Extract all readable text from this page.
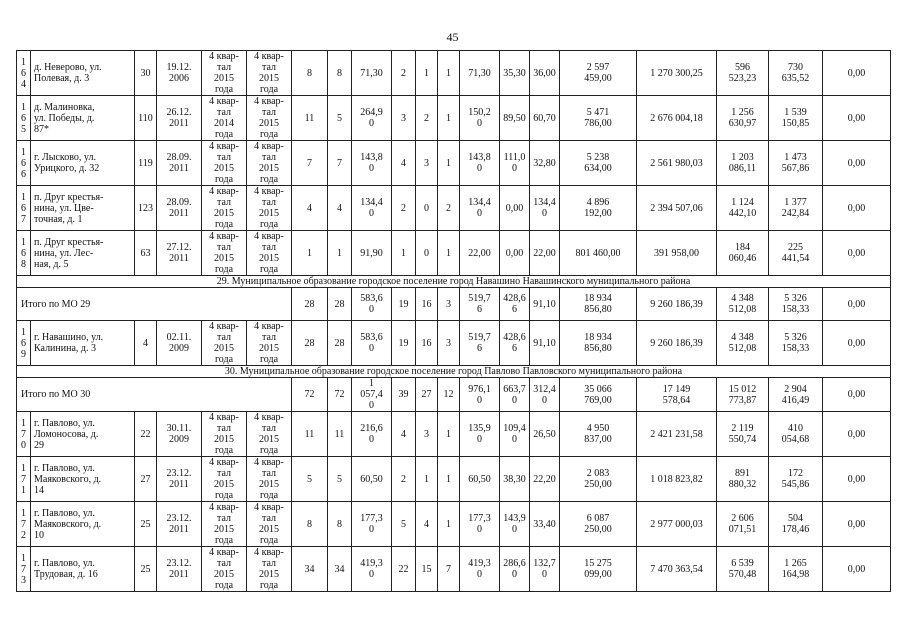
45
1
6
4	д. Неверово, ул.
Полевая, д. 3	30	19.12.
2006	4 квар-
тал
2015
года	4 квар-
тал
2015
года	8	8	71,30	2	1	1	71,30	35,30	36,00	2 597
459,00	1 270 300,25	596
523,23	730
635,52	0,00
1
6
5	д. Малиновка,
ул. Победы, д.
87*	110	26.12.
2011	4 квар-
тал
2014
года	4 квар-
тал
2015
года	11	5	264,9
0	3	2	1	150,2
0	89,50	60,70	5 471
786,00	2 676 004,18	1 256
630,97	1 539
150,85	0,00
1
6
6	г. Лысково, ул.
Урицкого, д. 32	119	28.09.
2011	4 квар-
тал
2015
года	4 квар-
тал
2015
года	7	7	143,8
0	4	3	1	143,8
0	111,0
0	32,80	5 238
634,00	2 561 980,03	1 203
086,11	1 473
567,86	0,00
1
6
7	п. Друг крестья-
нина, ул. Цве-
точная, д. 1	123	28.09.
2011	4 квар-
тал
2015
года	4 квар-
тал
2015
года	4	4	134,4
0	2	0	2	134,4
0	0,00	134,4
0	4 896
192,00	2 394 507,06	1 124
442,10	1 377
242,84	0,00
1
6
8	п. Друг крестья-
нина, ул. Лес-
ная, д. 5	63	27.12.
2011	4 квар-
тал
2015
года	4 квар-
тал
2015
года	1	1	91,90	1	0	1	22,00	0,00	22,00	801 460,00	391 958,00	184
060,46	225
441,54	0,00
29. Муниципальное образование городское поселение город Навашино Навашинского муниципального района																			
Итого по МО 29						28	28	583,6
0	19	16	3	519,7
6	428,6
6	91,10	18 934
856,80	9 260 186,39	4 348
512,08	5 326
158,33	0,00
1
6
9	г. Навашино, ул.
Калинина, д. 3	4	02.11.
2009	4 квар-
тал
2015
года	4 квар-
тал
2015
года	28	28	583,6
0	19	16	3	519,7
6	428,6
6	91,10	18 934
856,80	9 260 186,39	4 348
512,08	5 326
158,33	0,00
30. Муниципальное образование городское поселение город Павлово Павловского муниципального района																			
Итого по МО 30						72	72	1
057,4
0	39	27	12	976,1
0	663,7
0	312,4
0	35 066
769,00	17 149
578,64	15 012
773,87	2 904
416,49	0,00
1
7
0	г. Павлово, ул.
Ломоносова, д.
29	22	30.11.
2009	4 квар-
тал
2015
года	4 квар-
тал
2015
года	11	11	216,6
0	4	3	1	135,9
0	109,4
0	26,50	4 950
837,00	2 421 231,58	2 119
550,74	410
054,68	0,00
1
7
1	г. Павлово, ул.
Маяковского, д.
14	27	23.12.
2011	4 квар-
тал
2015
года	4 квар-
тал
2015
года	5	5	60,50	2	1	1	60,50	38,30	22,20	2 083
250,00	1 018 823,82	891
880,32	172
545,86	0,00
1
7
2	г. Павлово, ул.
Маяковского, д.
10	25	23.12.
2011	4 квар-
тал
2015
года	4 квар-
тал
2015
года	8	8	177,3
0	5	4	1	177,3
0	143,9
0	33,40	6 087
250,00	2 977 000,03	2 606
071,51	504
178,46	0,00
1
7
3	г. Павлово, ул.
Трудовая, д. 16	25	23.12.
2011	4 квар-
тал
2015
года	4 квар-
тал
2015
года	34	34	419,3
0	22	15	7	419,3
0	286,6
0	132,7
0	15 275
099,00	7 470 363,54	6 539
570,48	1 265
164,98	0,00
